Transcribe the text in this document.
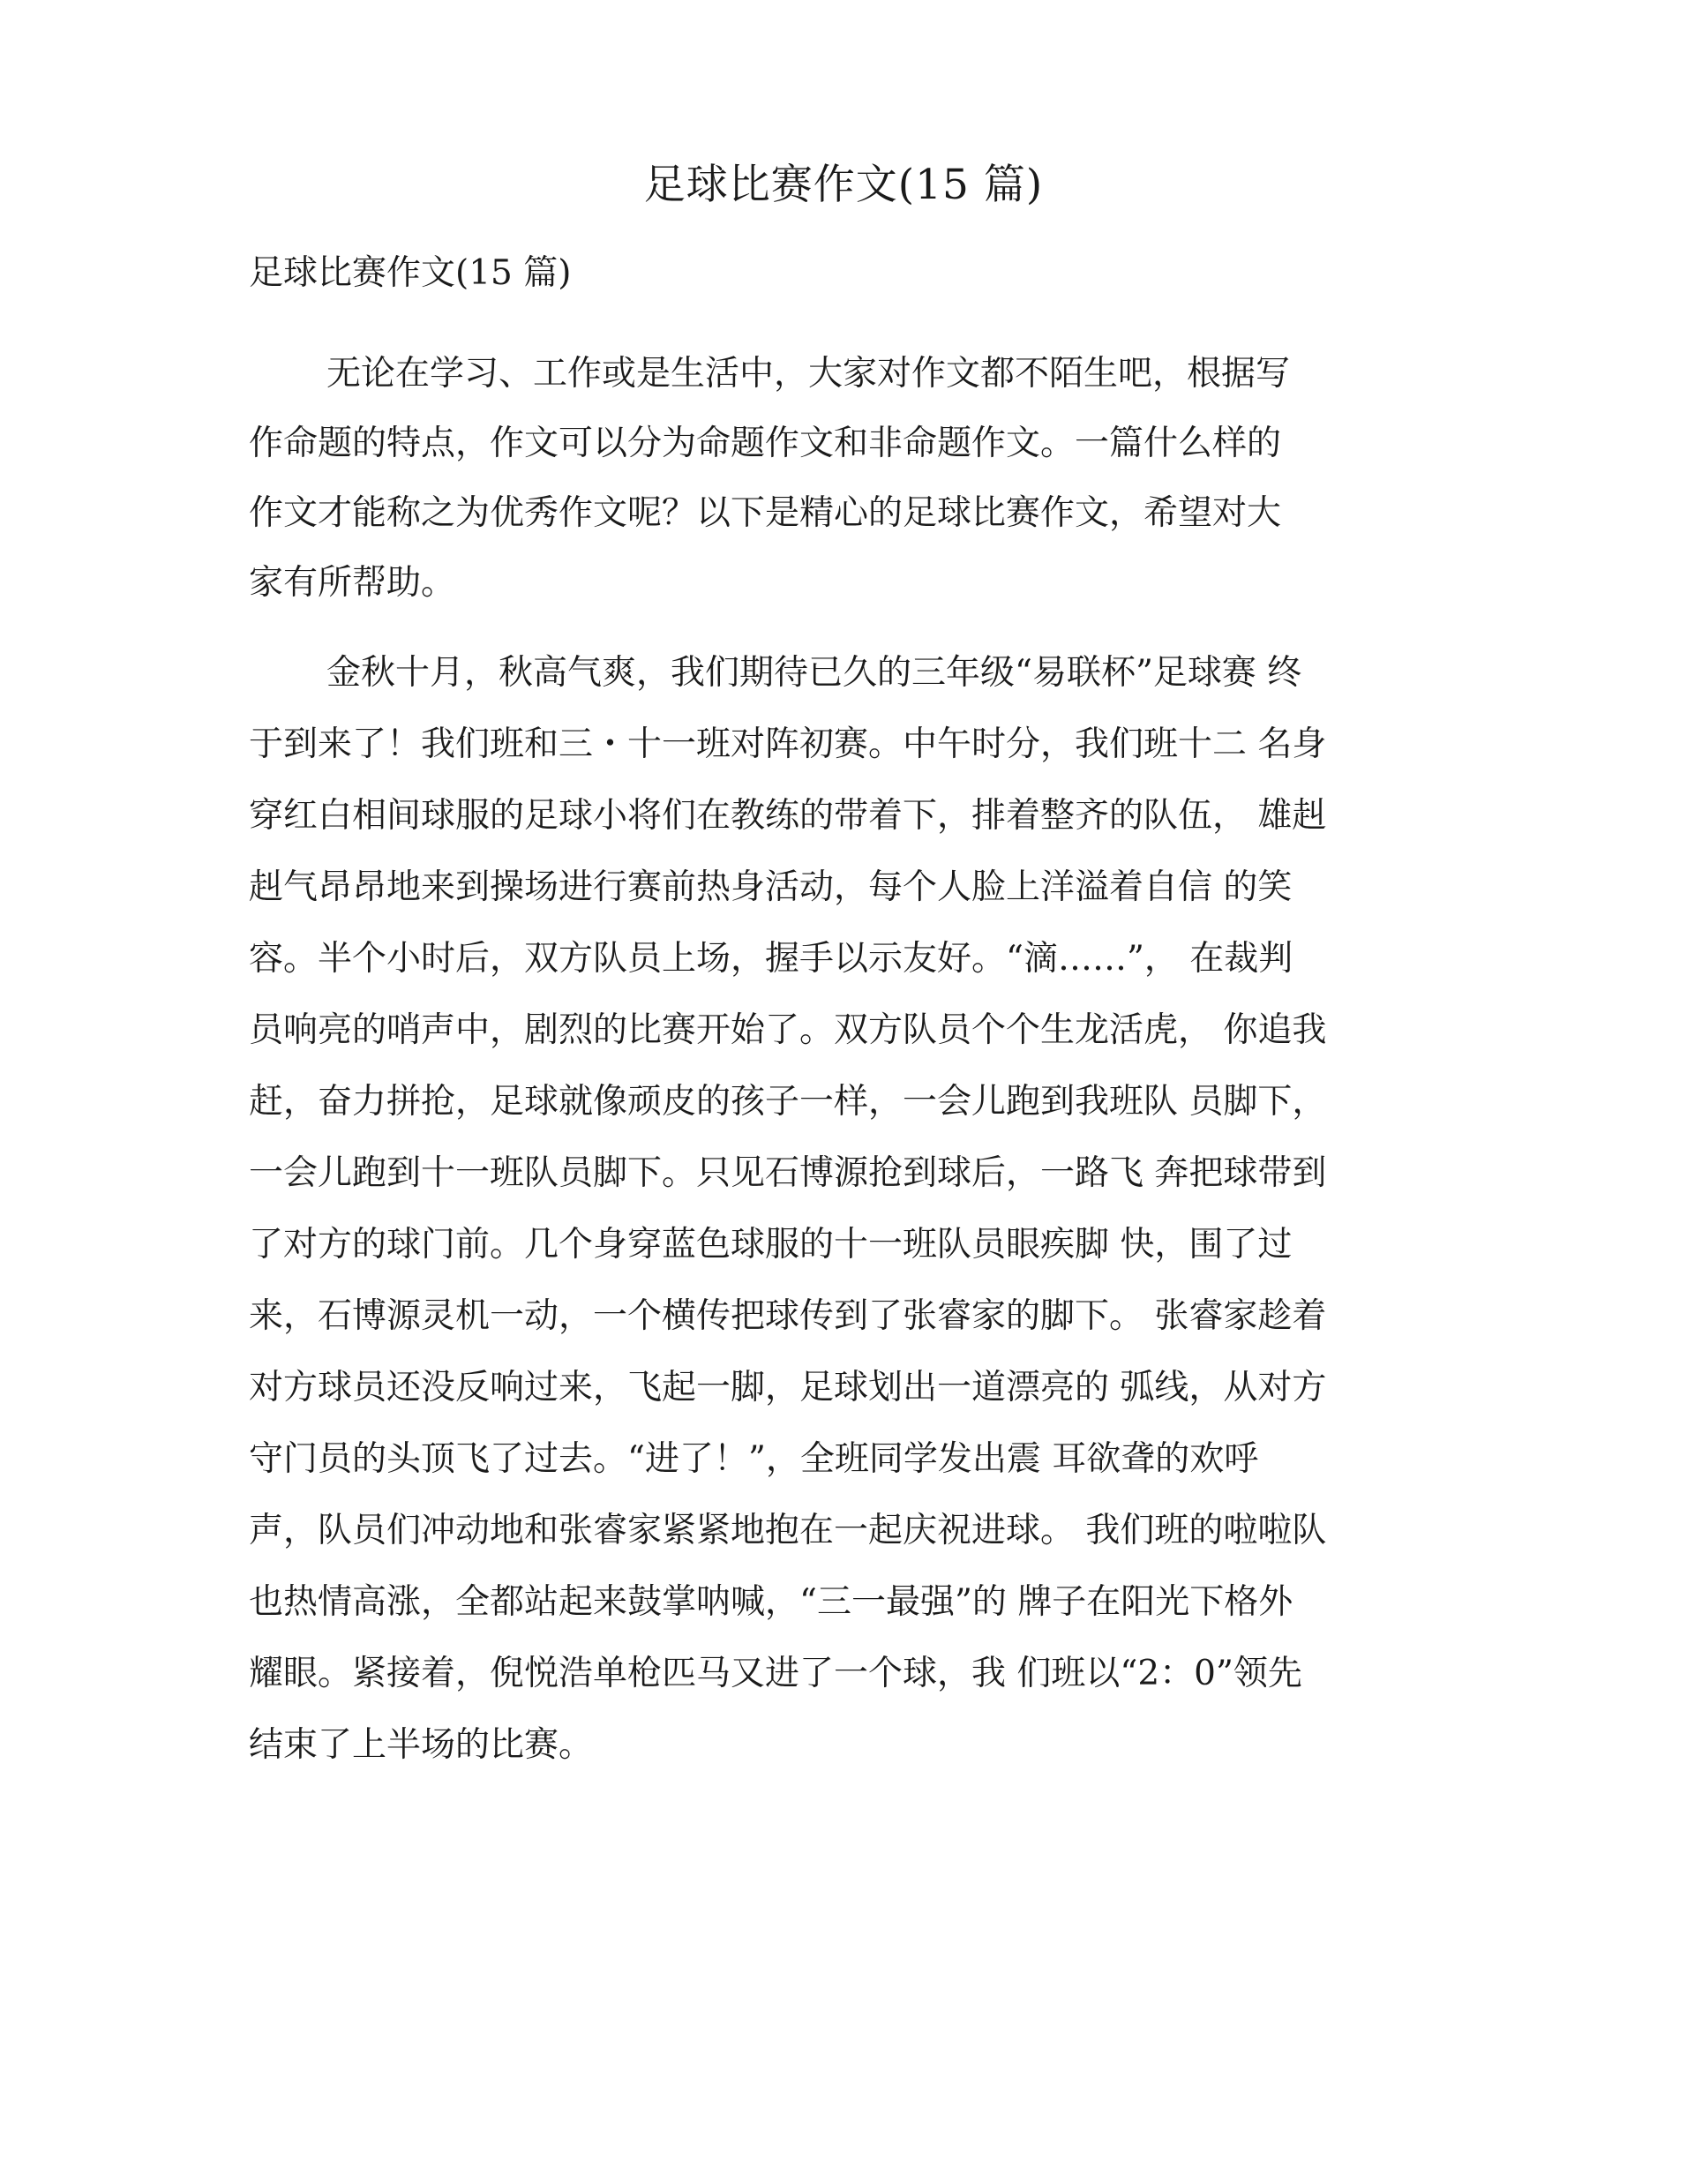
足球比赛作文(15 篇)

足球比赛作文(15 篇)

无论在学习、工作或是生活中，大家对作文都不陌生吧，根据写
作命题的特点，作文可以分为命题作文和非命题作文。一篇什么样的
作文才能称之为优秀作文呢？以下是精心的足球比赛作文，希望对大
家有所帮助。

金秋十月，秋高气爽，我们期待已久的三年级“易联杯”足球赛 终
于到来了！我们班和三・十一班对阵初赛。中午时分，我们班十二 名身
穿红白相间球服的足球小将们在教练的带着下，排着整齐的队伍， 雄赳
赳气昂昂地来到操场进行赛前热身活动，每个人脸上洋溢着自信 的笑
容。半个小时后，双方队员上场，握手以示友好。“滴……”， 在裁判
员响亮的哨声中，剧烈的比赛开始了。双方队员个个生龙活虎， 你追我
赶，奋力拼抢，足球就像顽皮的孩子一样，一会儿跑到我班队 员脚下，
一会儿跑到十一班队员脚下。只见石博源抢到球后，一路飞 奔把球带到
了对方的球门前。几个身穿蓝色球服的十一班队员眼疾脚 快，围了过
来，石博源灵机一动，一个横传把球传到了张睿家的脚下。 张睿家趁着
对方球员还没反响过来，飞起一脚，足球划出一道漂亮的 弧线，从对方
守门员的头顶飞了过去。“进了！”，全班同学发出震 耳欲聋的欢呼
声，队员们冲动地和张睿家紧紧地抱在一起庆祝进球。 我们班的啦啦队
也热情高涨，全都站起来鼓掌呐喊，“三一最强”的 牌子在阳光下格外
耀眼。紧接着，倪悦浩单枪匹马又进了一个球，我 们班以“2：0”领先
结束了上半场的比赛。
